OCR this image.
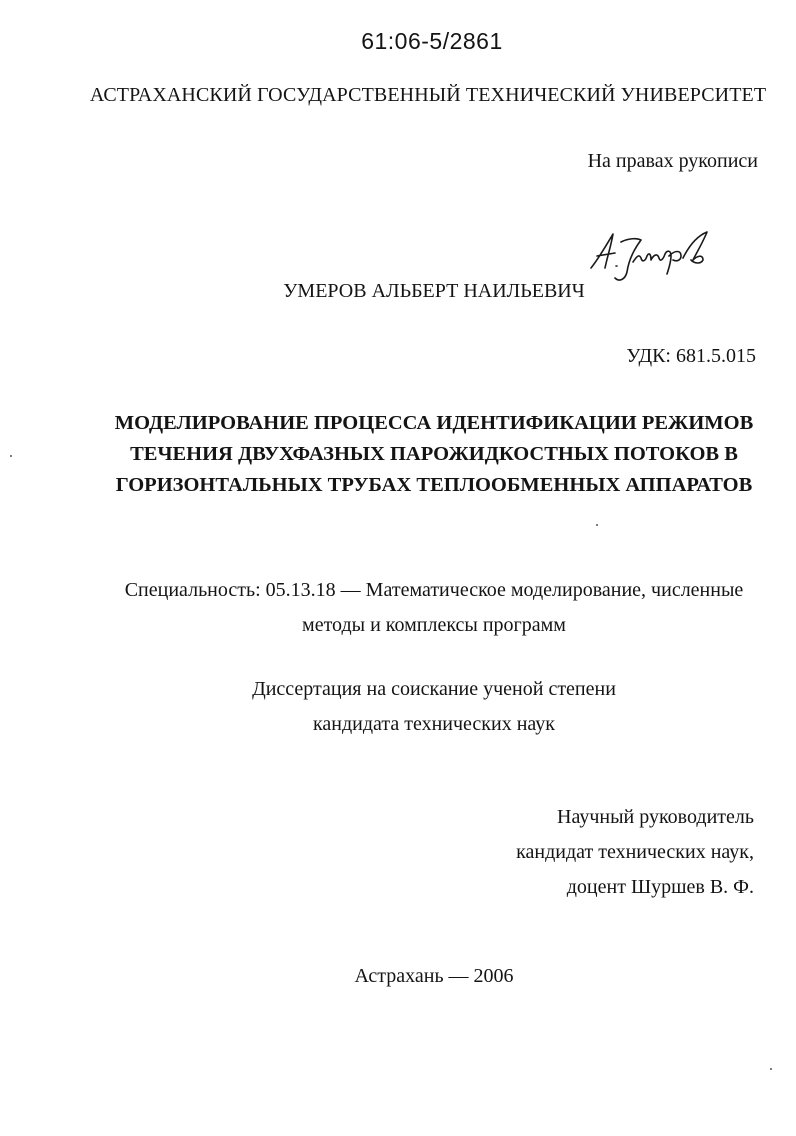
61:06-5/2861
АСТРАХАНСКИЙ ГОСУДАРСТВЕННЫЙ ТЕХНИЧЕСКИЙ УНИВЕРСИТЕТ
На правах рукописи
УМЕРОВ АЛЬБЕРТ НАИЛЬЕВИЧ
УДК: 681.5.015
МОДЕЛИРОВАНИЕ ПРОЦЕССА ИДЕНТИФИКАЦИИ РЕЖИМОВ
ТЕЧЕНИЯ ДВУХФАЗНЫХ ПАРОЖИДКОСТНЫХ ПОТОКОВ В
ГОРИЗОНТАЛЬНЫХ ТРУБАХ ТЕПЛООБМЕННЫХ АППАРАТОВ
Специальность: 05.13.18 — Математическое моделирование, численные
методы и комплексы программ
Диссертация на соискание ученой степени
кандидата технических наук
Научный руководитель
кандидат технических наук,
доцент Шуршев В. Ф.
Астрахань — 2006
